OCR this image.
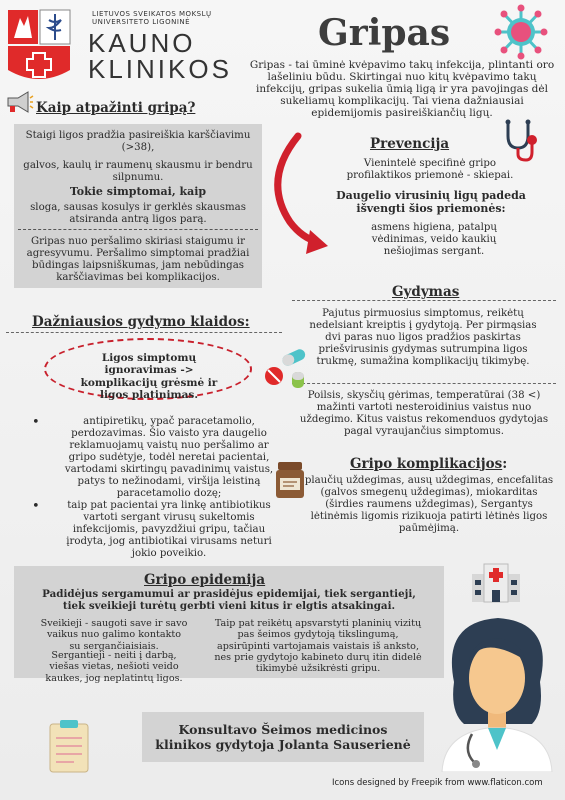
LIETUVOS SVEIKATOS MOKSLŲ
UNIVERSITETO LIGONINĖ
KAUNO
KLINIKOS
Gripas
Gripas - tai ūminė kvėpavimo takų infekcija, plintanti oro lašeliniu būdu. Skirtingai nuo kitų kvėpavimo takų infekcijų, gripas sukelia ūmią ligą ir yra pavojingas dėl sukeliamų komplikacijų. Tai viena dažniausiai epidemijomis pasireiškiančių ligų.
Kaip atpažinti gripą?
Staigi ligos pradžia pasireiškia karščiavimu (>38),
galvos, kaulų ir raumenų skausmu ir bendru silpnumu.
Tokie simptomai, kaip
sloga, sausas kosulys ir gerklės skausmas atsiranda antrą ligos parą.
Gripas nuo peršalimo skiriasi staigumu ir agresyvumu. Peršalimo simptomai pradžiai būdingas laipsniškumas, jam nebūdingas karščiavimas bei komplikacijos.
Prevencija
Vienintelė specifinė gripo profilaktikos priemonė - skiepai.
Daugelio virusinių ligų padeda išvengti šios priemonės:
asmens higiena, patalpų vėdinimas, veido kaukių nešiojimas sergant.
Gydymas
Pajutus pirmuosius simptomus, reikėtų nedelsiant kreiptis į gydytoją. Per pirmąsias dvi paras nuo ligos pradžios paskirtas priešvirusinis gydymas sutrumpina ligos trukmę, sumažina komplikacijų tikimybę.
Poilsis, skysčių gėrimas, temperatūrai (38 <) mažinti vartoti nesteroidinius vaistus nuo uždegimo. Kitus vaistus rekomenduos gydytojas pagal vyraujančius simptomus.
Dažniausios gydymo klaidos:
Ligos simptomų ignoravimas -> komplikacijų grėsmė ir ligos platinimas.
• antipiretikų, ypač paracetamolio, perdozavimas. Šio vaisto yra daugelio reklamuojamų vaistų nuo peršalimo ar gripo sudėtyje, todėl neretai pacientai, vartodami skirtingų pavadinimų vaistus, patys to nežinodami, viršija leistiną paracetamolio dozę;
• taip pat pacientai yra linkę antibiotikus vartoti sergant virusų sukeltomis infekcijomis, pavyzdžiui gripu, tačiau įrodyta, jog antibiotikai virusams neturi jokio poveikio.
Gripo komplikacijos:
plaučių uždegimas, ausų uždegimas, encefalitas (galvos smegenų uždegimas), miokarditas (širdies raumens uždegimas), Sergantys lėtinėmis ligomis rizikuoja patirti lėtinės ligos paūmėjimą.
Gripo epidemija
Padidėjus sergamumui ar prasidėjus epidemijai, tiek sergantieji, tiek sveikieji turėtų gerbti vieni kitus ir elgtis atsakingai.
Sveikieji - saugoti save ir savo vaikus nuo galimo kontakto su sergančiaisiais.
Sergantieji - neiti į darbą, viešas vietas, nešioti veido kaukes, jog neplatintų ligos.
Taip pat reikėtų apsvarstyti planinių vizitų pas šeimos gydytoją tikslingumą, apsirūpinti vartojamais vaistais iš anksto, nes prie gydytojo kabineto durų itin didelė tikimybė užsikrėsti gripu.
Konsultavo Šeimos medicinos
klinikos gydytoja Jolanta Sauserienė
Icons designed by Freepik from www.flaticon.com
